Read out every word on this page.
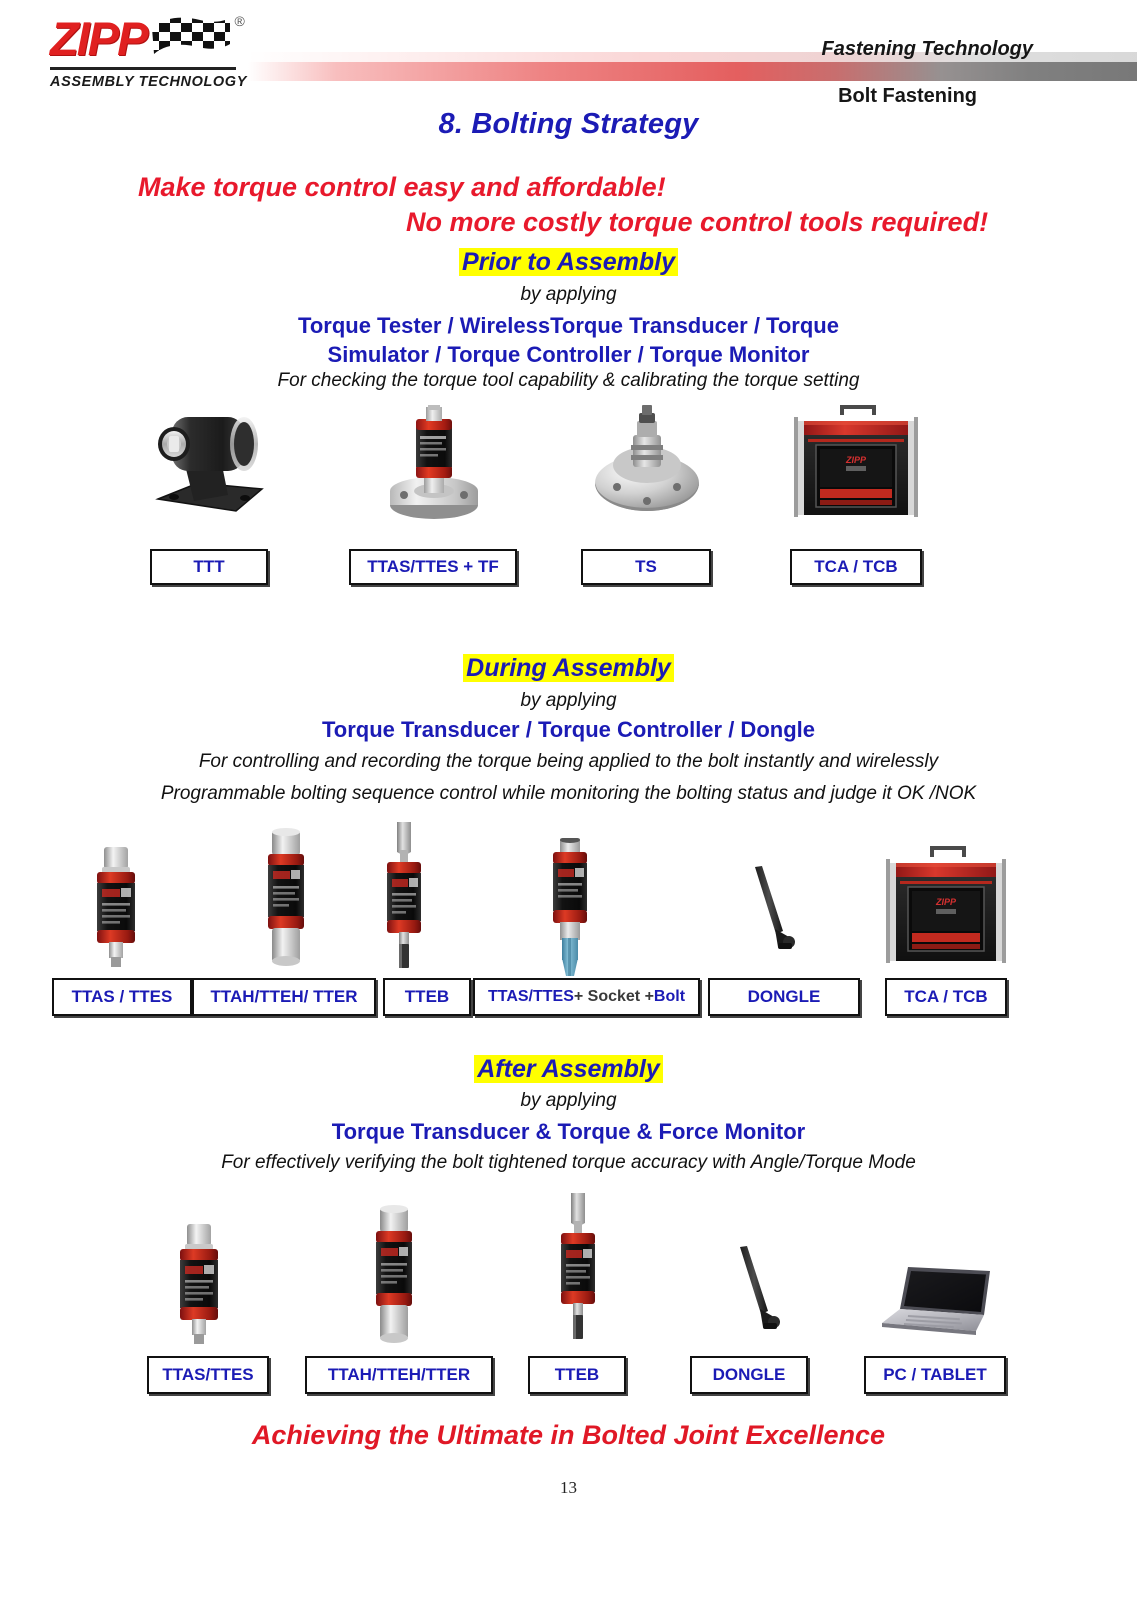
ZIPP	®
ASSEMBLY TECHNOLOGY
Fastening Technology
Bolt Fastening
8. Bolting Strategy
Make torque control easy and affordable!
No more costly torque control tools required!
Prior to Assembly
by applying
Torque Tester / WirelessTorque Transducer / Torque
Simulator / Torque Controller / Torque Monitor
For checking the torque tool capability & calibrating the torque setting
ZIPP
TTT	TTAS/TTES + TF	TS	TCA / TCB
During Assembly
by applying
Torque Transducer / Torque Controller / Dongle
For controlling and recording the torque being applied to the bolt instantly and wirelessly
Programmable bolting sequence control while monitoring the bolting status and judge it OK /NOK
ZIPP
TTAS / TTES	TTAH/TTEH/ TTER	TTEB	TTAS/TTES + Socket + Bolt	DONGLE	TCA / TCB
After Assembly
by applying
Torque Transducer & Torque & Force Monitor
For effectively verifying the bolt tightened torque accuracy with Angle/Torque Mode
TTAS/TTES	TTAH/TTEH/TTER	TTEB	DONGLE	PC / TABLET
Achieving the Ultimate in Bolted Joint Excellence
13
